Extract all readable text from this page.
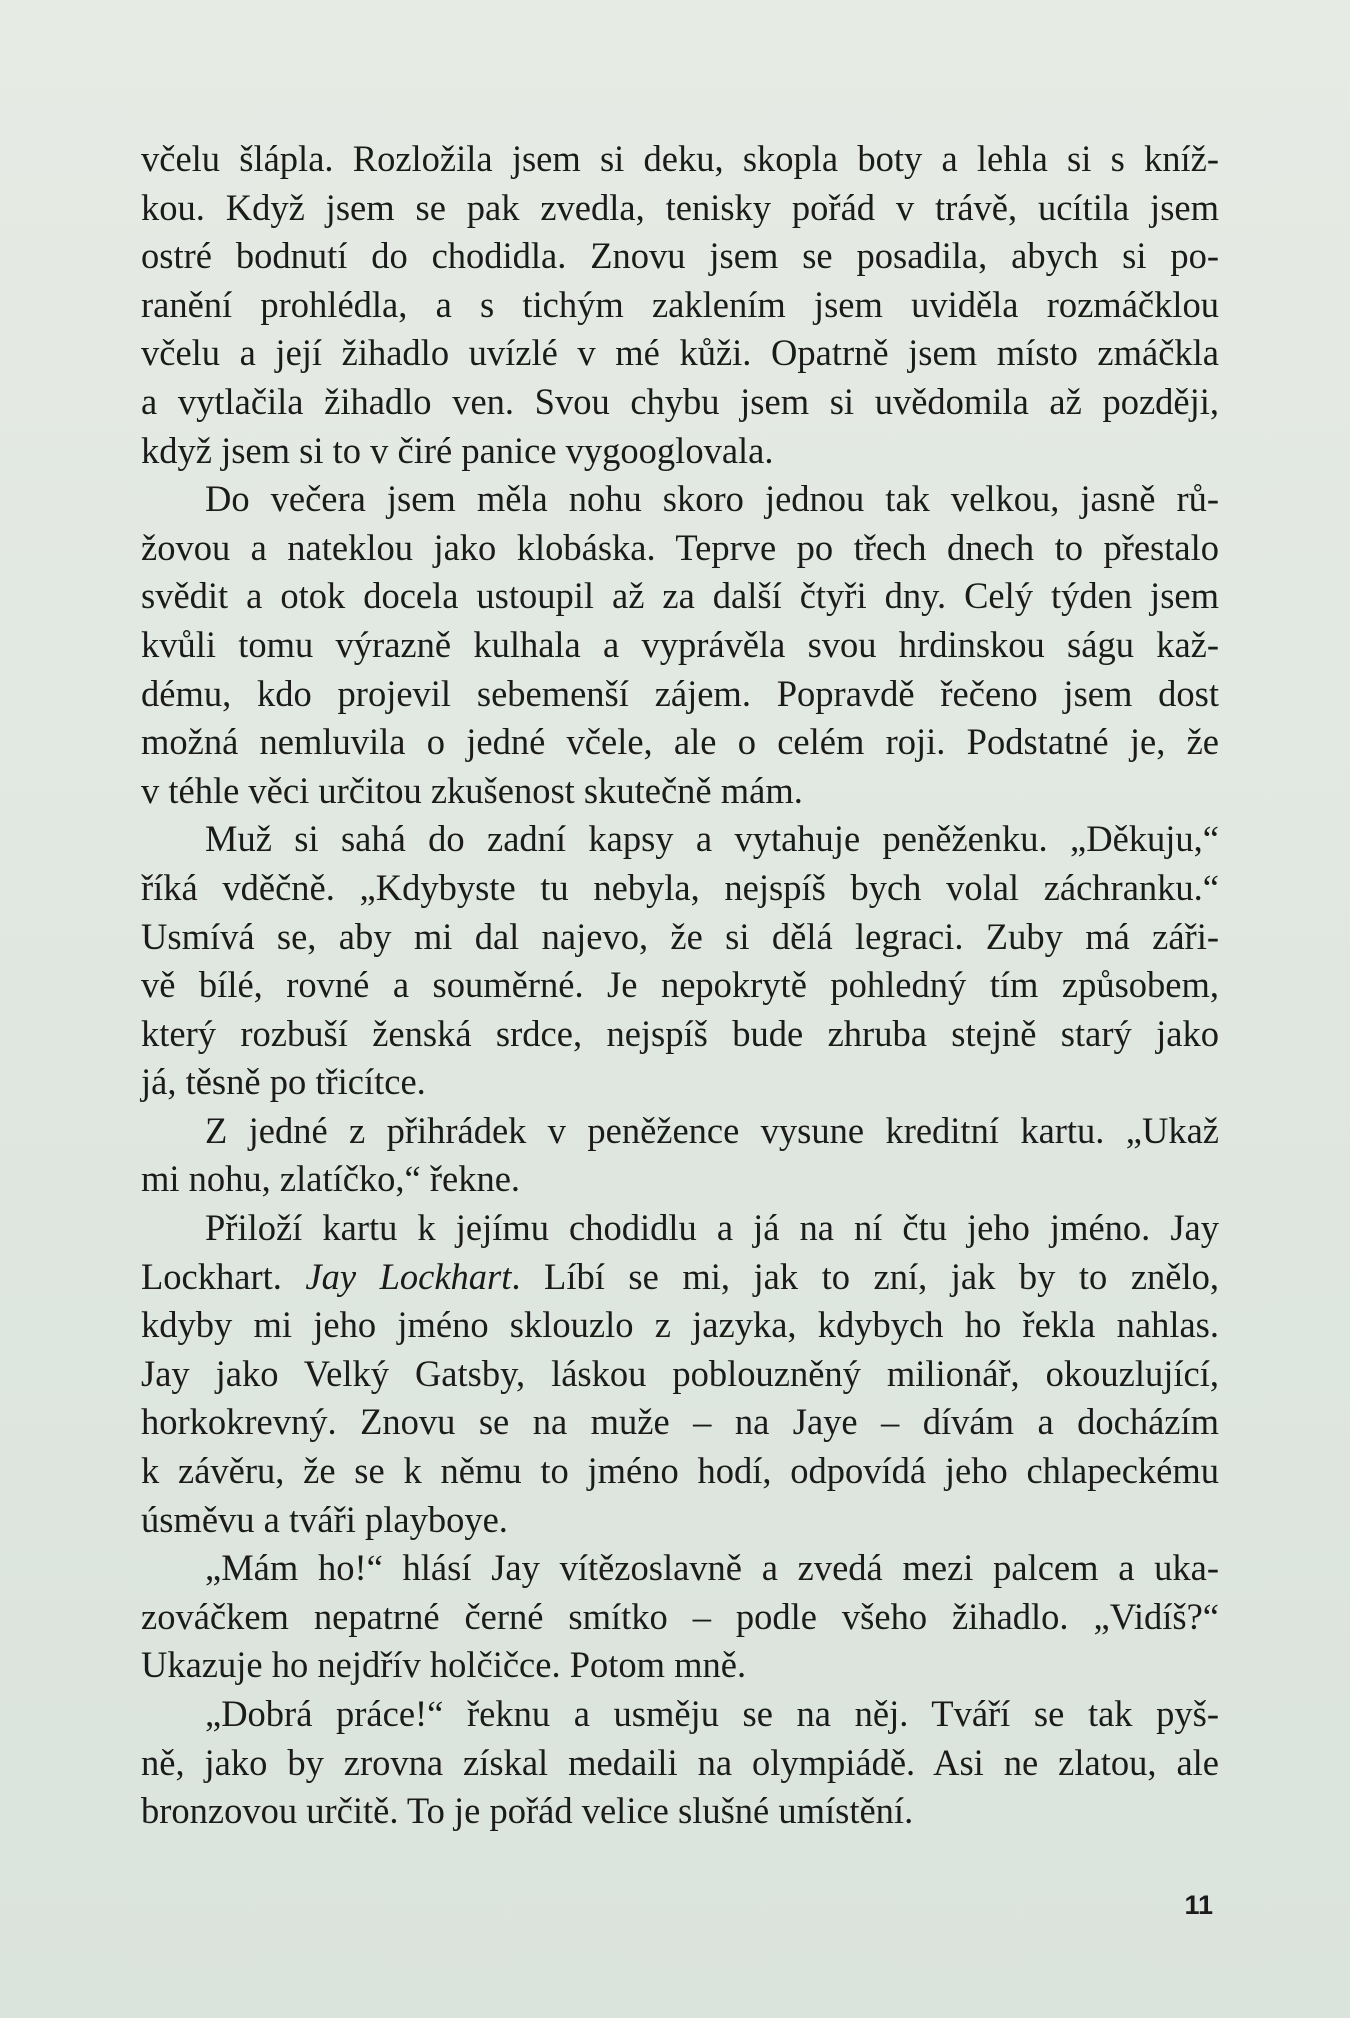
včelu šlápla. Rozložila jsem si deku, skopla boty a lehla si s kníž-
kou. Když jsem se pak zvedla, tenisky pořád v trávě, ucítila jsem
ostré bodnutí do chodidla. Znovu jsem se posadila, abych si po-
ranění prohlédla, a s tichým zaklením jsem uviděla rozmáčklou
včelu a její žihadlo uvízlé v mé kůži. Opatrně jsem místo zmáčkla
a vytlačila žihadlo ven. Svou chybu jsem si uvědomila až později,
když jsem si to v čiré panice vygooglovala.
Do večera jsem měla nohu skoro jednou tak velkou, jasně rů-
žovou a nateklou jako klobáska. Teprve po třech dnech to přestalo
svědit a otok docela ustoupil až za další čtyři dny. Celý týden jsem
kvůli tomu výrazně kulhala a vyprávěla svou hrdinskou ságu kaž-
dému, kdo projevil sebemenší zájem. Popravdě řečeno jsem dost
možná nemluvila o jedné včele, ale o celém roji. Podstatné je, že
v téhle věci určitou zkušenost skutečně mám.
Muž si sahá do zadní kapsy a vytahuje peněženku. „Děkuju,“
říká vděčně. „Kdybyste tu nebyla, nejspíš bych volal záchranku.“
Usmívá se, aby mi dal najevo, že si dělá legraci. Zuby má záři-
vě bílé, rovné a souměrné. Je nepokrytě pohledný tím způsobem,
který rozbuší ženská srdce, nejspíš bude zhruba stejně starý jako
já, těsně po třicítce.
Z jedné z přihrádek v peněžence vysune kreditní kartu. „Ukaž
mi nohu, zlatíčko,“ řekne.
Přiloží kartu k jejímu chodidlu a já na ní čtu jeho jméno. Jay
Lockhart. Jay Lockhart. Líbí se mi, jak to zní, jak by to znělo,
kdyby mi jeho jméno sklouzlo z jazyka, kdybych ho řekla nahlas.
Jay jako Velký Gatsby, láskou poblouzněný milionář, okouzlující,
horkokrevný. Znovu se na muže – na Jaye – dívám a docházím
k závěru, že se k němu to jméno hodí, odpovídá jeho chlapeckému
úsměvu a tváři playboye.
„Mám ho!“ hlásí Jay vítězoslavně a zvedá mezi palcem a uka-
zováčkem nepatrné černé smítko – podle všeho žihadlo. „Vidíš?“
Ukazuje ho nejdřív holčičce. Potom mně.
„Dobrá práce!“ řeknu a usměju se na něj. Tváří se tak pyš-
ně, jako by zrovna získal medaili na olympiádě. Asi ne zlatou, ale
bronzovou určitě. To je pořád velice slušné umístění.
11
